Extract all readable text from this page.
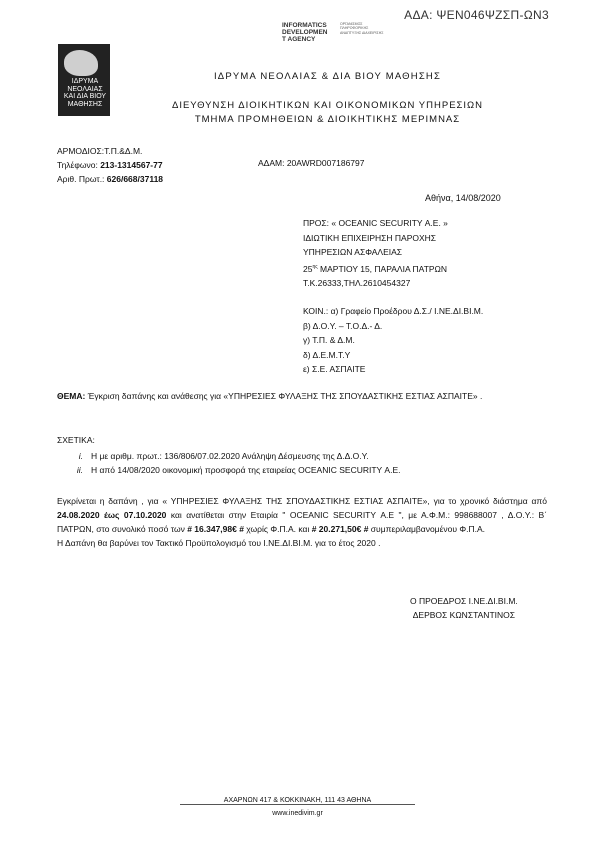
ΑΔΑ: ΨΕΝ046ΨΖΣΠ-ΩΝ3
INFORMATICS
DEVELOPMEN
T AGENCY
ΟΡΓΑΝΙΣΜΟΣ ΠΛΗΡΟΦΟΡΙΚΗΣ ΑΝΑΠΤΥΞΗΣ ΔΙΑΧΕΙΡΙΣΗΣ
ΙΔΡΥΜΑ
ΝΕΟΛΑΙΑΣ
ΚΑΙ ΔΙΑ ΒΙΟΥ
ΜΑΘΗΣΗΣ
ΙΔΡΥΜΑ ΝΕΟΛΑΙΑΣ & ΔΙΑ ΒΙΟΥ ΜΑΘΗΣΗΣ
ΔΙΕΥΘΥΝΣΗ ΔΙΟΙΚΗΤΙΚΩΝ ΚΑΙ ΟΙΚΟΝΟΜΙΚΩΝ ΥΠΗΡΕΣΙΩΝ
ΤΜΗΜΑ ΠΡΟΜΗΘΕΙΩΝ & ΔΙΟΙΚΗΤΙΚΗΣ ΜΕΡΙΜΝΑΣ
ΑΡΜΟΔΙΟΣ:Τ.Π.&Δ.Μ.
Τηλέφωνο: 213-1314567-77
Αριθ. Πρωτ.: 626/668/37118
ΑΔΑΜ: 20AWRD007186797
Αθήνα, 14/08/2020
ΠΡΟΣ: « OCEANIC SECURITY Α.Ε. »
ΙΔΙΩΤΙΚΗ ΕΠΙΧΕΙΡΗΣΗ ΠΑΡΟΧΗΣ
ΥΠΗΡΕΣΙΩΝ ΑΣΦΑΛΕΙΑΣ
$25^{\eta\varsigma}$ ΜΑΡΤΙΟΥ 15, ΠΑΡΑΛΙΑ ΠΑΤΡΩΝ
Τ.Κ.26333,ΤΗΛ.2610454327
ΚΟΙΝ.: α) Γραφείο Προέδρου Δ.Σ./ Ι.ΝΕ.ΔΙ.ΒΙ.Μ.
β) Δ.Ο.Υ. – Τ.Ο.Δ.- Δ.
γ) Τ.Π. & Δ.Μ.
δ) Δ.Ε.Μ.Τ.Υ
ε) Σ.Ε. ΑΣΠΑΙΤΕ
ΘΕΜΑ: Έγκριση δαπάνης και ανάθεσης για «ΥΠΗΡΕΣΙΕΣ ΦΥΛΑΞΗΣ ΤΗΣ ΣΠΟΥΔΑΣΤΙΚΗΣ ΕΣΤΙΑΣ ΑΣΠΑΙΤΕ» .
ΣΧΕΤΙΚΑ:
i. Η με αριθμ. πρωτ.: 136/806/07.02.2020 Ανάληψη Δέσμευσης της Δ.Δ.Ο.Υ.
ii. Η από 14/08/2020 οικονομική προσφορά της εταιρείας OCEANIC SECURITY Α.Ε.
Εγκρίνεται η δαπάνη , για « ΥΠΗΡΕΣΙΕΣ ΦΥΛΑΞΗΣ ΤΗΣ ΣΠΟΥΔΑΣΤΙΚΗΣ ΕΣΤΙΑΣ ΑΣΠΑΙΤΕ», για το χρονικό διάστημα από 24.08.2020 έως 07.10.2020 και ανατίθεται στην Εταιρία " OCEANIC SECURITY Α.Ε ", με Α.Φ.Μ.: 998688007 , Δ.Ο.Υ.: Β΄ ΠΑΤΡΩΝ, στο συνολικό ποσό των # 16.347,98€ # χωρίς Φ.Π.Α. και # 20.271,50€ # συμπεριλαμβανομένου Φ.Π.Α.
Η Δαπάνη θα βαρύνει τον Τακτικό Προϋπολογισμό του Ι.ΝΕ.ΔΙ.ΒΙ.Μ. για το έτος 2020 .
Ο ΠΡΟΕΔΡΟΣ Ι.ΝΕ.ΔΙ.ΒΙ.Μ.
ΔΕΡΒΟΣ ΚΩΝΣΤΑΝΤΙΝΟΣ
ΑΧΑΡΝΩΝ 417 & ΚΟΚΚΙΝΑΚΗ, 111 43 ΑΘΗΝΑ
www.inedivim.gr
